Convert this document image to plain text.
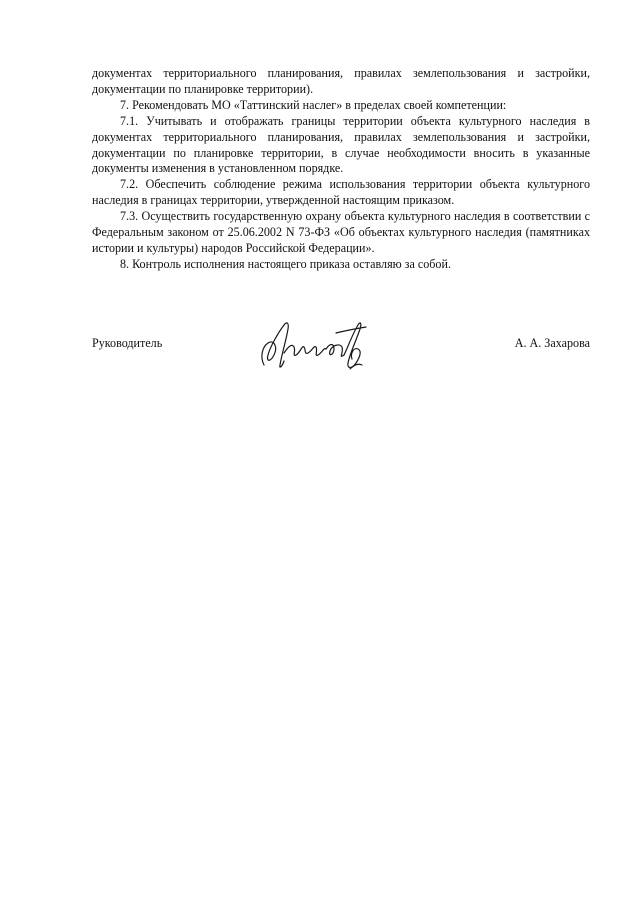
документах территориального планирования, правилах землепользования и застройки, документации по планировке территории).

7. Рекомендовать МО «Таттинский наслег» в пределах своей компетенции:

7.1. Учитывать и отображать границы территории объекта культурного наследия в документах территориального планирования, правилах землепользования и застройки, документации по планировке территории, в случае необходимости вносить в указанные документы изменения в установленном порядке.

7.2. Обеспечить соблюдение режима использования территории объекта культурного наследия в границах территории, утвержденной настоящим приказом.

7.3. Осуществить государственную охрану объекта культурного наследия в соответствии с Федеральным законом от 25.06.2002 N 73-ФЗ «Об объектах культурного наследия (памятниках истории и культуры) народов Российской Федерации».

8. Контроль исполнения настоящего приказа оставляю за собой.

Руководитель	А. А. Захарова
